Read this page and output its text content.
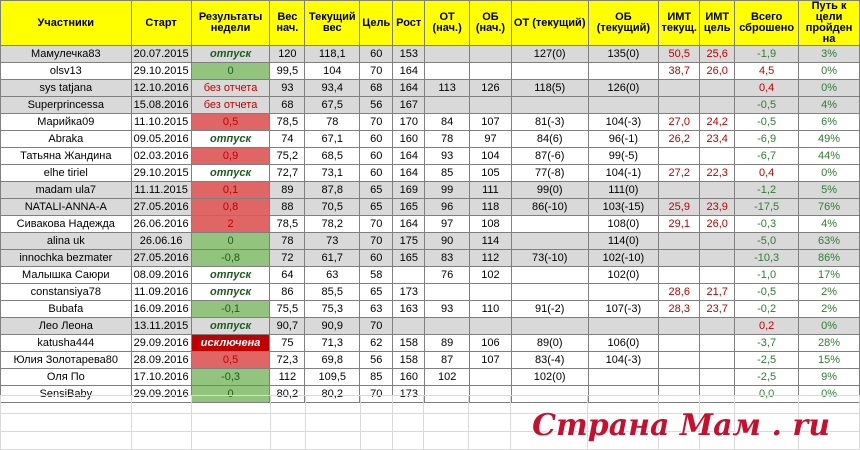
Участники	Старт	Результаты недели	Вес нач.	Текущий вес	Цель	Рост	ОТ (нач.)	ОБ (нач.)	ОТ (текущий)	ОБ (текущий)	ИМТ текущ.	ИМТ цель	Всего сброшено	Путь к цели пройден на
Мамулечка83	20.07.2015	отпуск	120	118,1	60	153			127(0)	135(0)	50,5	25,6	-1,9	3%
olsv13	29.10.2015	0	99,5	104	70	164					38,7	26,0	4,5	0%
sys tatjana	12.10.2016	без отчета	93	93,4	68	164	113	126	118(5)	126(0)			0,4	0%
Superprincessa	15.08.2016	без отчета	68	67,5	56	167							-0,5	4%
Марийка09	11.10.2015	0,5	78,5	78	70	170	84	107	81(-3)	104(-3)	27,0	24,2	-0,5	6%
Abraka	09.05.2016	отпуск	74	67,1	60	160	78	97	84(6)	96(-1)	26,2	23,4	-6,9	49%
Татьяна Жандина	02.03.2016	0,9	75,2	68,5	60	164	93	104	87(-6)	99(-5)			-6,7	44%
elhe tiriel	29.10.2015	отпуск	72,7	73,1	60	164	85	105	77(-8)	104(-1)	27,2	22,3	0,4	0%
madam ula7	11.11.2015	0,1	89	87,8	65	169	99	111	99(0)	111(0)			-1,2	5%
NATALI-ANNA-A	27.05.2016	0,8	88	70,5	65	165	96	118	86(-10)	103(-15)	25,9	23,9	-17,5	76%
Сивакова Надежда	26.06.2016	2	78,5	78,2	70	164	97	108		108(0)	29,1	26,0	-0,3	4%
alina uk	26.06.16	0	78	73	70	175	90	114		114(0)			-5,0	63%
innochka bezmater	27.05.2016	-0,8	72	61,7	60	165	83	112	73(-10)	102(-10)			-10,3	86%
Малышка Саюри	08.09.2016	отпуск	64	63	58		76	102		102(0)			-1,0	17%
constansiya78	11.09.2016	отпуск	86	85,5	65	173					28,6	21,7	-0,5	2%
Bubafa	16.09.2016	-0,1	75,5	75,3	63	163	93	110	91(-2)	107(-3)	28,3	23,7	-0,2	2%
Лео Леона	13.11.2015	отпуск	90,7	90,9	70								0,2	0%
katusha444	29.09.2016	исключена	75	71,3	62	158	89	106	89(0)	106(0)			-3,7	28%
Юлия Золотарева80	28.09.2016	0,5	72,3	69,8	56	158	87	107	83(-4)	104(-3)			-2,5	15%
Оля По	17.10.2016	-0,3	112	109,5	85	160	102		102(0)				-2,5	9%
SensiBaby	29.09.2016	0	80,2	80,2	70	173							0,0	0%

Страна Мам . ru
